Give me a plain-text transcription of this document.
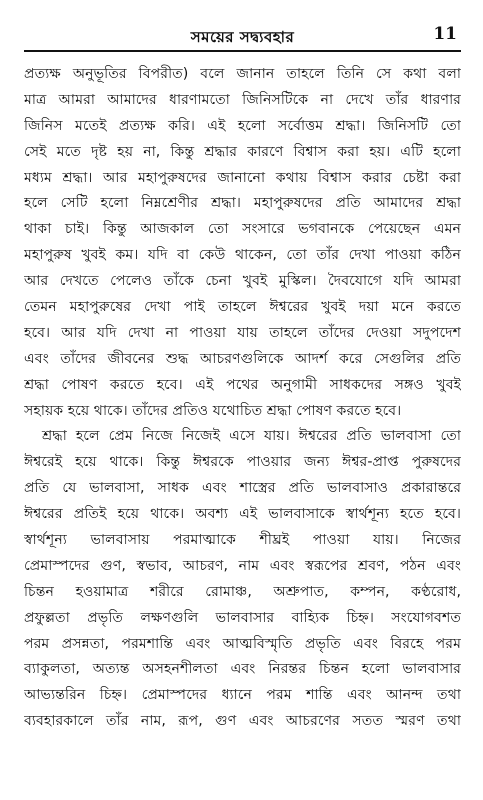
সময়ের সদ্ব্যবহার	11
প্রত্যক্ষ অনুভূতির বিপরীত) বলে জানান তাহলে তিনি সে কথা বলা
মাত্র আমরা আমাদের ধারণামতো জিনিসটিকে না দেখে তাঁর ধারণার
জিনিস মতেই প্রত্যক্ষ করি। এই হলো সর্বোত্তম শ্রদ্ধা। জিনিসটি তো
সেই মতে দৃষ্ট হয় না, কিন্তু শ্রদ্ধার কারণে বিশ্বাস করা হয়। এটি হলো
মধ্যম শ্রদ্ধা। আর মহাপুরুষদের জানানো কথায় বিশ্বাস করার চেষ্টা করা
হলে সেটি হলো নিম্নশ্রেণীর শ্রদ্ধা। মহাপুরুষদের প্রতি আমাদের শ্রদ্ধা
থাকা চাই। কিন্তু আজকাল তো সংসারে ভগবানকে পেয়েছেন এমন
মহাপুরুষ খুবই কম। যদি বা কেউ থাকেন, তো তাঁর দেখা পাওয়া কঠিন
আর দেখতে পেলেও তাঁকে চেনা খুবই মুস্কিল। দৈবযোগে যদি আমরা
তেমন মহাপুরুষের দেখা পাই তাহলে ঈশ্বরের খুবই দয়া মনে করতে
হবে। আর যদি দেখা না পাওয়া যায় তাহলে তাঁদের দেওয়া সদুপদেশ
এবং তাঁদের জীবনের শুদ্ধ আচরণগুলিকে আদর্শ করে সেগুলির প্রতি
শ্রদ্ধা পোষণ করতে হবে। এই পথের অনুগামী সাধকদের সঙ্গও খুবই
সহায়ক হয়ে থাকে। তাঁদের প্রতিও যথোচিত শ্রদ্ধা পোষণ করতে হবে।
শ্রদ্ধা হলে প্রেম নিজে নিজেই এসে যায়। ঈশ্বরের প্রতি ভালবাসা তো
ঈশ্বরেই হয়ে থাকে। কিন্তু ঈশ্বরকে পাওয়ার জন্য ঈশ্বর-প্রাপ্ত পুরুষদের
প্রতি যে ভালবাসা, সাধক এবং শাস্ত্রের প্রতি ভালবাসাও প্রকারান্তরে
ঈশ্বরের প্রতিই হয়ে থাকে। অবশ্য এই ভালবাসাকে স্বার্থশূন্য হতে হবে।
স্বার্থশূন্য ভালবাসায় পরমাত্মাকে শীঘ্রই পাওয়া যায়। নিজের
প্রেমাস্পদের গুণ, স্বভাব, আচরণ, নাম এবং স্বরূপের শ্রবণ, পঠন এবং
চিন্তন হওয়ামাত্র শরীরে রোমাঞ্চ, অশ্রুপাত, কম্পন, কণ্ঠরোধ,
প্রফুল্লতা প্রভৃতি লক্ষণগুলি ভালবাসার বাহ্যিক চিহ্ন। সংযোগবশত
পরম প্রসন্নতা, পরমশান্তি এবং আত্মবিস্মৃতি প্রভৃতি এবং বিরহে পরম
ব্যাকুলতা, অত্যন্ত অসহনশীলতা এবং নিরন্তর চিন্তন হলো ভালবাসার
আভ্যন্তরিন চিহ্ন। প্রেমাস্পদের ধ্যানে পরম শান্তি এবং আনন্দ তথা
ব্যবহারকালে তাঁর নাম, রূপ, গুণ এবং আচরণের সতত স্মরণ তথা
